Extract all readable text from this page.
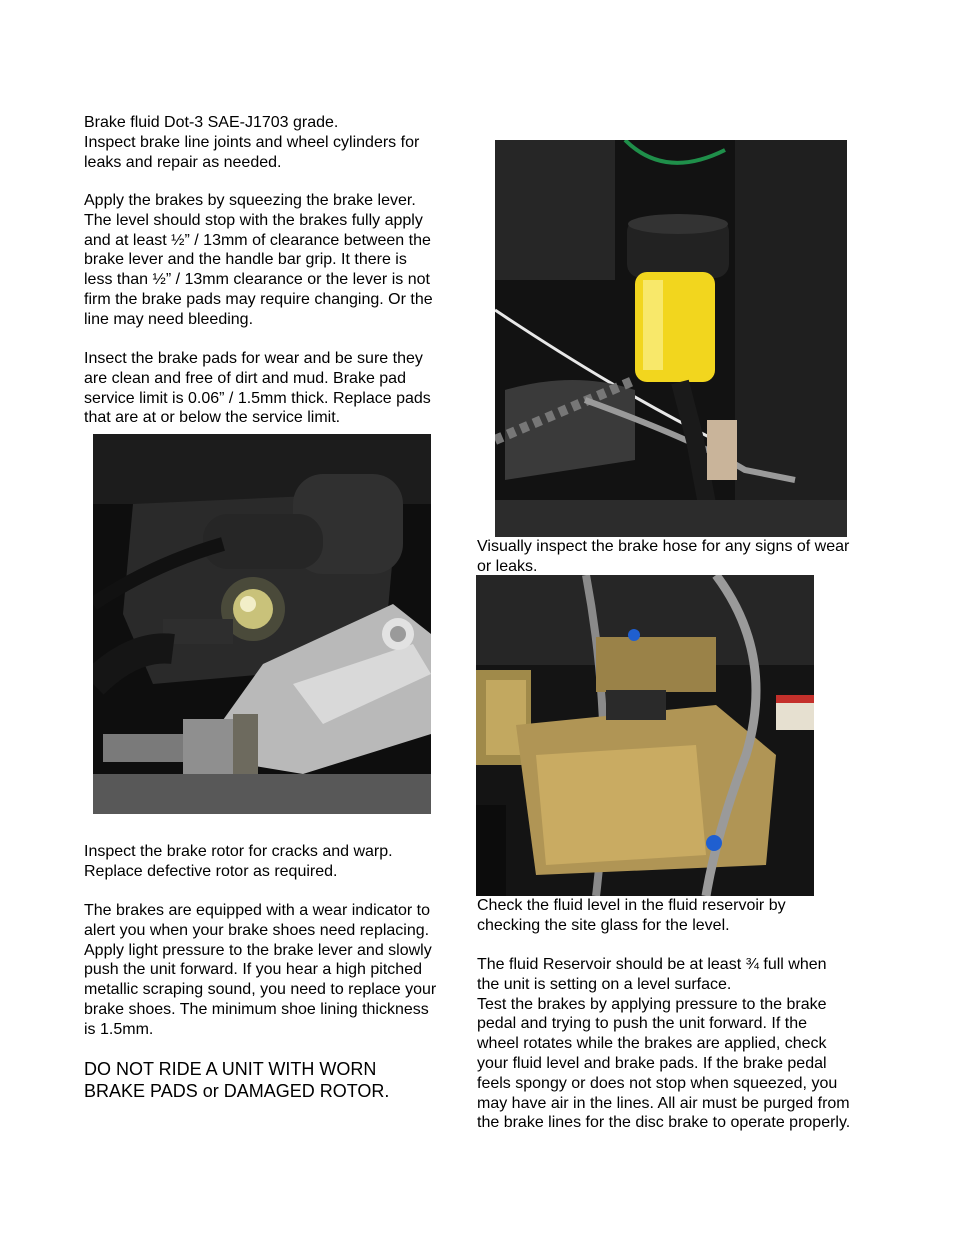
Brake fluid Dot-3 SAE-J1703 grade.
Inspect brake line joints and wheel cylinders for
leaks and repair as needed.

Apply the brakes by squeezing the brake lever.
The level should stop with the brakes fully apply
and at least ½” / 13mm of clearance between the
brake lever and the handle bar grip. It there is
less than ½” / 13mm clearance or the lever is not
firm the brake pads may require changing. Or the
line may need bleeding.

Insect the brake pads for wear and be sure they
are clean and free of dirt and mud. Brake pad
service limit is 0.06” / 1.5mm thick. Replace pads
that are at or below the service limit.

Inspect the brake rotor for cracks and warp.
Replace defective rotor as required.

The brakes are equipped with a wear indicator to
alert you when your brake shoes need replacing.
Apply light pressure to the brake lever and slowly
push the unit forward. If you hear a high pitched
metallic scraping sound, you need to replace your
brake shoes. The minimum shoe lining thickness
is 1.5mm.

DO NOT RIDE A UNIT WITH WORN
BRAKE PADS or DAMAGED ROTOR.

Visually inspect the brake hose for any signs of wear
or leaks.

Check the fluid level in the fluid reservoir by
checking the site glass for the level.

The fluid Reservoir should be at least ¾ full when
the unit is setting on a level surface.
Test the brakes by applying pressure to the brake
pedal and trying to push the unit forward. If the
wheel rotates while the brakes are applied, check
your fluid level and brake pads. If the brake pedal
feels spongy or does not stop when squeezed, you
may have air in the lines. All air must be purged from
the brake lines for the disc brake to operate properly.
